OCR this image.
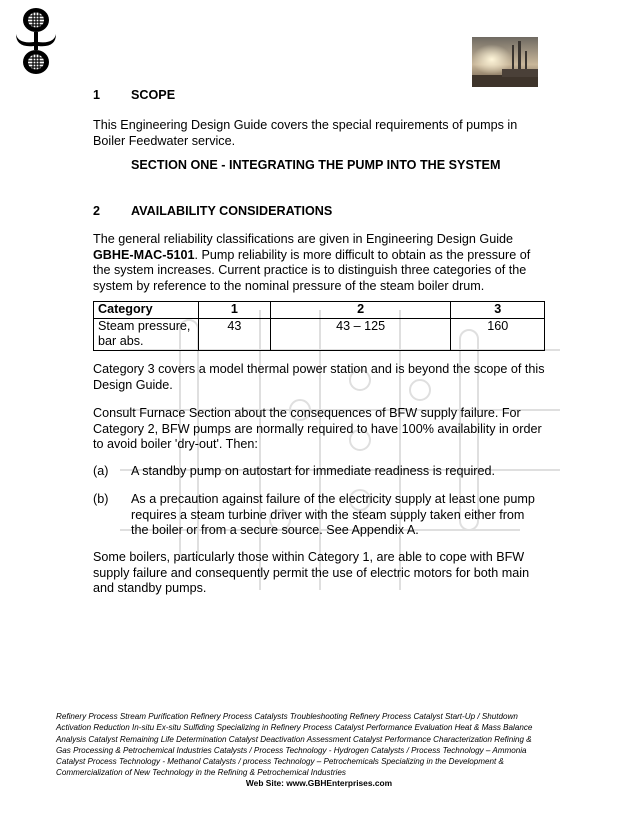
1 SCOPE
This Engineering Design Guide covers the special requirements of pumps in Boiler Feedwater service.
SECTION ONE - INTEGRATING THE PUMP INTO THE SYSTEM
2 AVAILABILITY CONSIDERATIONS
The general reliability classifications are given in Engineering Design Guide GBHE-MAC-5101. Pump reliability is more difficult to obtain as the pressure of the system increases. Current practice is to distinguish three categories of the system by reference to the nominal pressure of the steam boiler drum.
Category	1	2	3
Steam pressure, bar abs.	43	43 – 125	160
Category 3 covers a model thermal power station and is beyond the scope of this Design Guide.
Consult Furnace Section about the consequences of BFW supply failure. For Category 2, BFW pumps are normally required to have 100% availability in order to avoid boiler 'dry-out'. Then:
(a) A standby pump on autostart for immediate readiness is required.
(b) As a precaution against failure of the electricity supply at least one pump requires a steam turbine driver with the steam supply taken either from the boiler or from a secure source. See Appendix A.
Some boilers, particularly those within Category 1, are able to cope with BFW supply failure and consequently permit the use of electric motors for both main and standby pumps.
Refinery Process Stream Purification Refinery Process Catalysts Troubleshooting Refinery Process Catalyst Start-Up / Shutdown Activation Reduction In-situ Ex-situ Sulfiding Specializing in Refinery Process Catalyst Performance Evaluation Heat & Mass Balance Analysis Catalyst Remaining Life Determination Catalyst Deactivation Assessment Catalyst Performance Characterization Refining & Gas Processing & Petrochemical Industries Catalysts / Process Technology - Hydrogen Catalysts / Process Technology – Ammonia Catalyst Process Technology - Methanol Catalysts / process Technology – Petrochemicals Specializing in the Development & Commercialization of New Technology in the Refining & Petrochemical Industries
Web Site: www.GBHEnterprises.com
